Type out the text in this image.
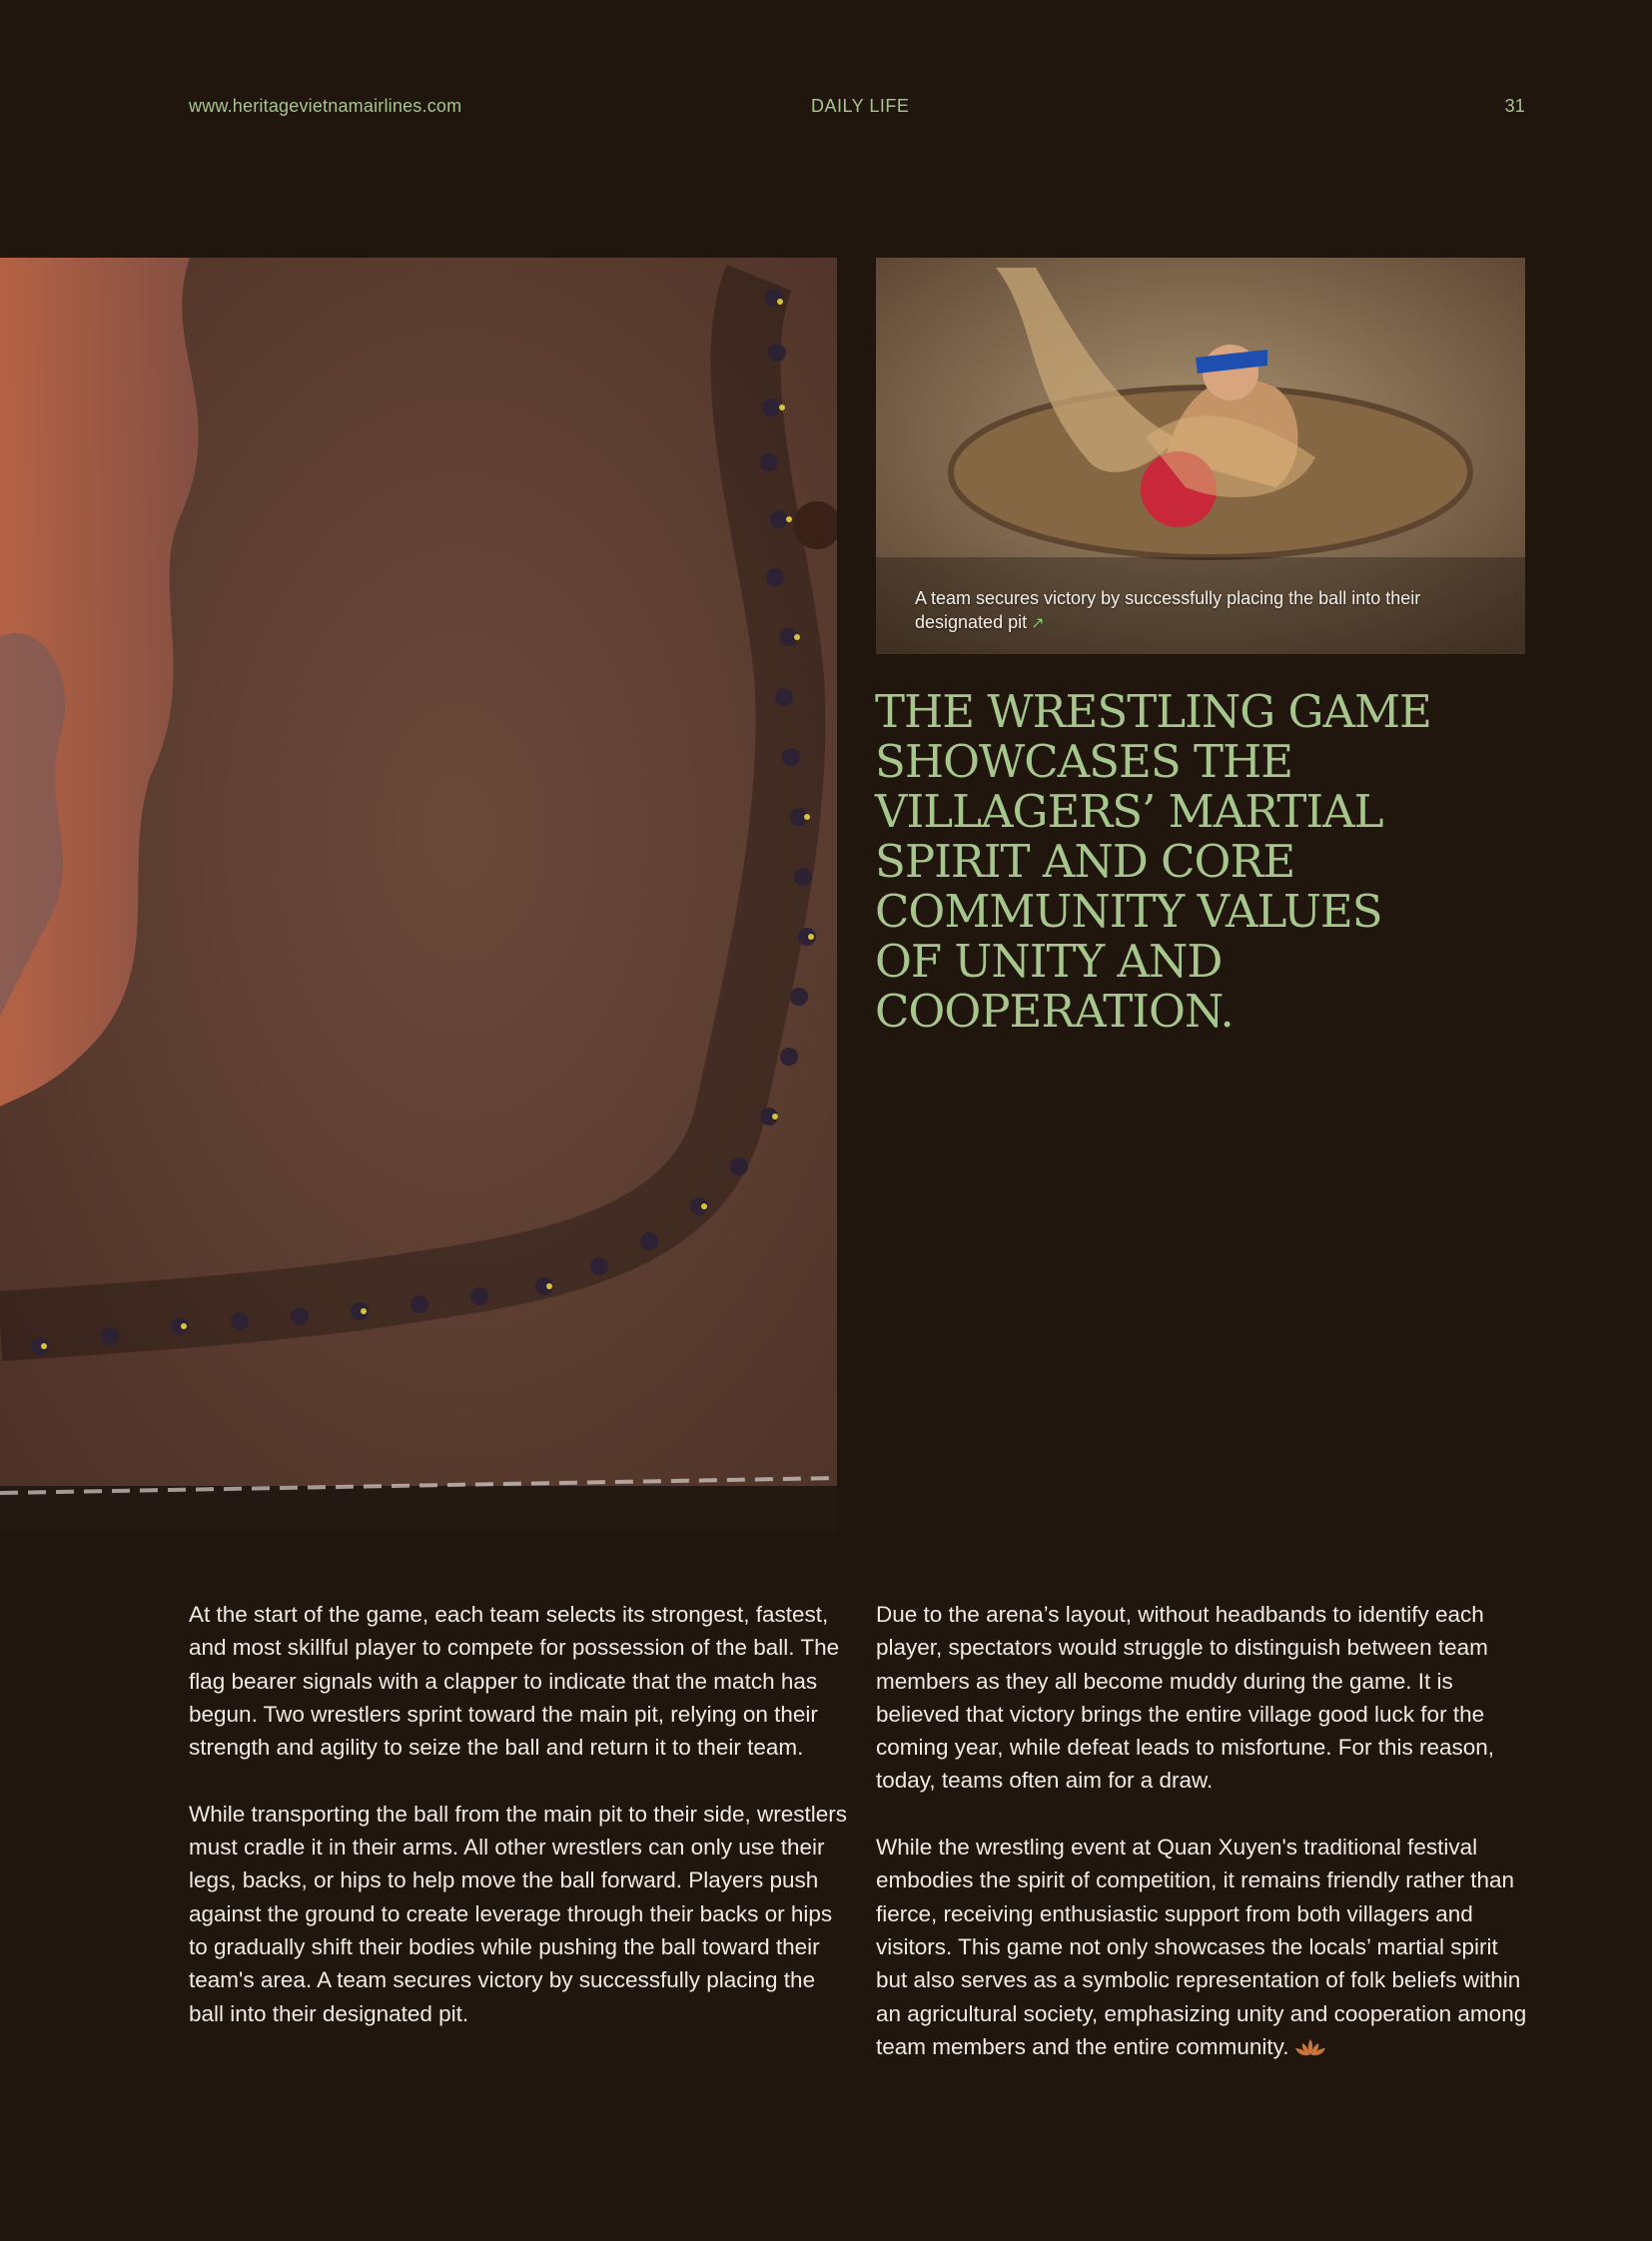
www.heritagevietnamairlines.com	DAILY LIFE	31
A team secures victory by successfully placing the ball into their designated pit ↗
THE WRESTLING GAME SHOWCASES THE VILLAGERS’ MARTIAL SPIRIT AND CORE COMMUNITY VALUES OF UNITY AND COOPERATION.

At the start of the game, each team selects its strongest, fastest, and most skillful player to compete for possession of the ball. The flag bearer signals with a clapper to indicate that the match has begun. Two wrestlers sprint toward the main pit, relying on their strength and agility to seize the ball and return it to their team.

While transporting the ball from the main pit to their side, wrestlers must cradle it in their arms. All other wrestlers can only use their legs, backs, or hips to help move the ball forward. Players push against the ground to create leverage through their backs or hips to gradually shift their bodies while pushing the ball toward their team's area. A team secures victory by successfully placing the ball into their designated pit.

Due to the arena’s layout, without headbands to identify each player, spectators would struggle to distinguish between team members as they all become muddy during the game. It is believed that victory brings the entire village good luck for the coming year, while defeat leads to misfortune. For this reason, today, teams often aim for a draw.

While the wrestling event at Quan Xuyen's traditional festival embodies the spirit of competition, it remains friendly rather than fierce, receiving enthusiastic support from both villagers and visitors. This game not only showcases the locals’ martial spirit but also serves as a symbolic representation of folk beliefs within an agricultural society, emphasizing unity and cooperation among team members and the entire community.
